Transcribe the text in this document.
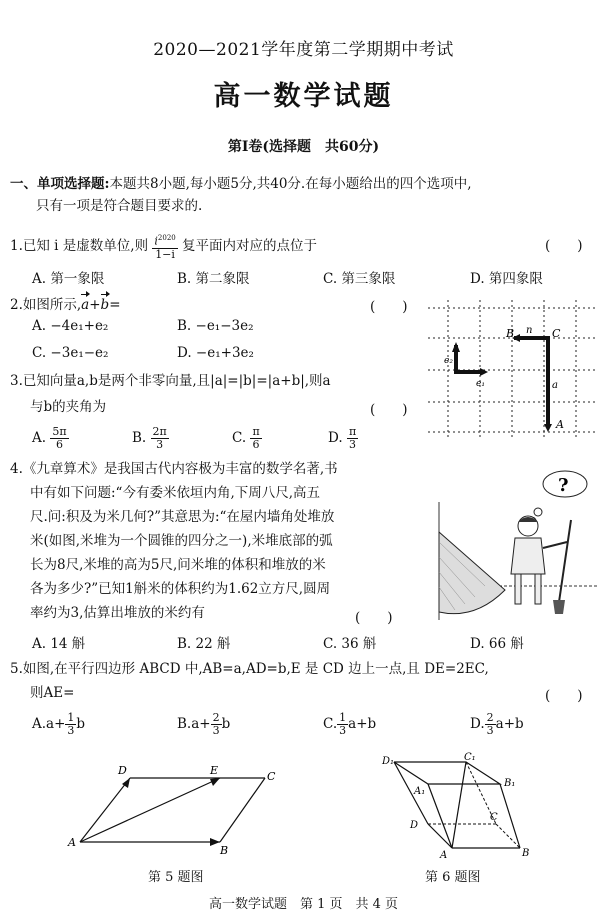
2020—2021学年度第二学期期中考试
高一数学试题
第Ⅰ卷(选择题　共60分)
一、单项选择题:本题共8小题,每小题5分,共40分.在每小题给出的四个选项中,
只有一项是符合题目要求的.
1.已知 i 是虚数单位,则 $\frac{i^{2020}}{1-i}$ 复平面内对应的点位于	(　　)
A. 第一象限	B. 第二象限	C. 第三象限	D. 第四象限
2.如图所示,a+b=	(　　)
A. −4e₁+e₂	B. −e₁−3e₂
C. −3e₁−e₂	D. −e₁+3e₂
B n C
e₂
e₁	a
A
3.已知向量a,b是两个非零向量,且|a|=|b|=|a+b|,则a
与b的夹角为	(　　)
A. $\frac{5\pi}{6}$	B. $\frac{2\pi}{3}$	C. $\frac{\pi}{6}$	D. $\frac{\pi}{3}$
4.《九章算术》是我国古代内容极为丰富的数学名著,书
中有如下问题:“今有委米依垣内角,下周八尺,高五
尺.问:积及为米几何?”其意思为:“在屋内墙角处堆放
米(如图,米堆为一个圆锥的四分之一),米堆底部的弧
长为8尺,米堆的高为5尺,问米堆的体积和堆放的米
各为多少?”已知1斛米的体积约为1.62立方尺,圆周
率约为3,估算出堆放的米约有	(　　)
A. 14 斛	B. 22 斛	C. 36 斛	D. 66 斛
?
5.如图,在平行四边形 ABCD 中,AB=a,AD=b,E 是 CD 边上一点,且 DE=2EC,
则AE=	(　　)
$A.a+ \frac{1}{3}$ b	$B.a+ \frac{2}{3}$ b	C. $\frac{1}{3} a+b$	D. $\frac{2}{3} a+b$
D	E	C
A
B
第 5 题图
D₁	C₁
B₁
A₁
D
C
A	B
第 6 题图
高一数学试题　第 1 页　共 4 页
